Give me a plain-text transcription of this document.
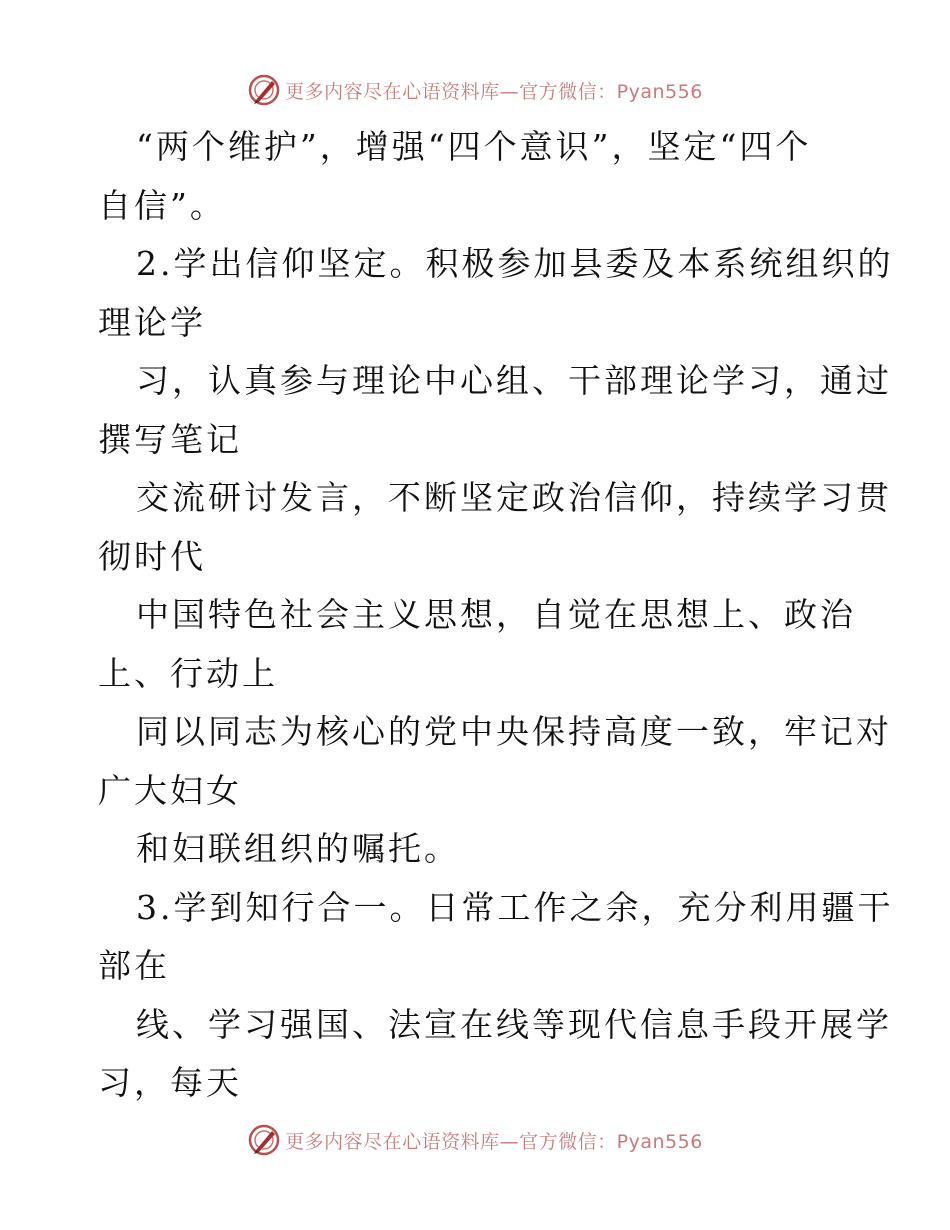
更多内容尽在心语资料库—官方微信：Pyan556
“两个维护”，增强“四个意识”，坚定“四个
自信”。
2.学出信仰坚定。积极参加县委及本系统组织的
理论学
习，认真参与理论中心组、干部理论学习，通过
撰写笔记
交流研讨发言，不断坚定政治信仰，持续学习贯
彻时代
中国特色社会主义思想，自觉在思想上、政治
上、行动上
同以同志为核心的党中央保持高度一致，牢记对
广大妇女
和妇联组织的嘱托。
3.学到知行合一。日常工作之余，充分利用疆干
部在
线、学习强国、法宣在线等现代信息手段开展学
习，每天
更多内容尽在心语资料库—官方微信：Pyan556
